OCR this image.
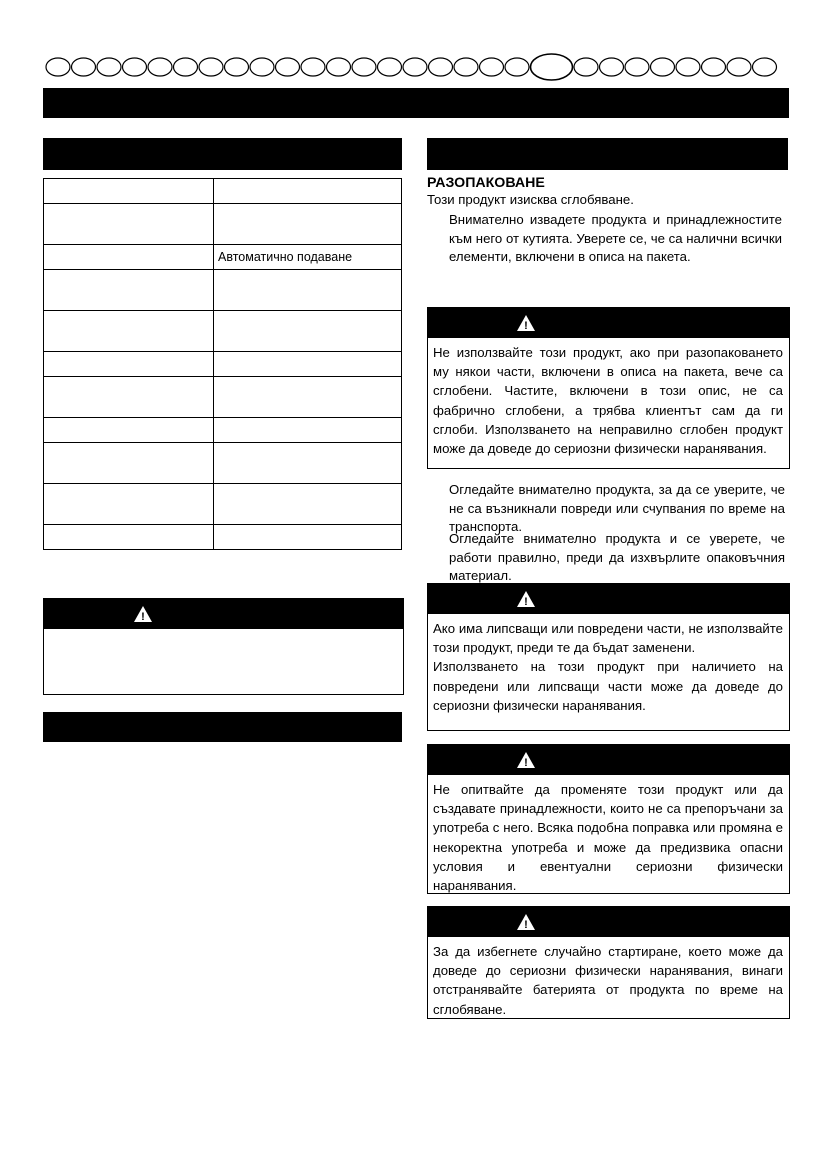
	Автоматично подаване

!
РАЗОПАКОВАНЕ

Този продукт изисква сглобяване.

Внимателно извадете продукта и принадлежностите към него от кутията. Уверете се, че са налични всички елементи, включени в описа на пакета.

!

Не използвайте този продукт, ако при разопаковането му някои части, включени в описа на пакета, вече са сглобени. Частите, включени в този опис, не са фабрично сглобени, а трябва клиентът сам да ги сглоби. Използването на неправилно сглобен продукт може да доведе до сериозни физически наранявания.

Огледайте внимателно продукта, за да се уверите, че не са възникнали повреди или счупвания по време на транспорта.

Огледайте внимателно продукта и се уверете, че работи правилно, преди да изхвърлите опаковъчния материал.

!

Ако има липсващи или повредени части, не използвайте този продукт, преди те да бъдат заменени.

Използването на този продукт при наличието на повредени или липсващи части може да доведе до сериозни физически наранявания.

!

Не опитвайте да променяте този продукт или да създавате принадлежности, които не са препоръчани за употреба с него. Всяка подобна поправка или промяна е некоректна употреба и може да предизвика опасни условия и евентуални сериозни физически наранявания.

!

За да избегнете случайно стартиране, което може да доведе до сериозни физически наранявания, винаги отстранявайте батерията от продукта по време на сглобяване.
